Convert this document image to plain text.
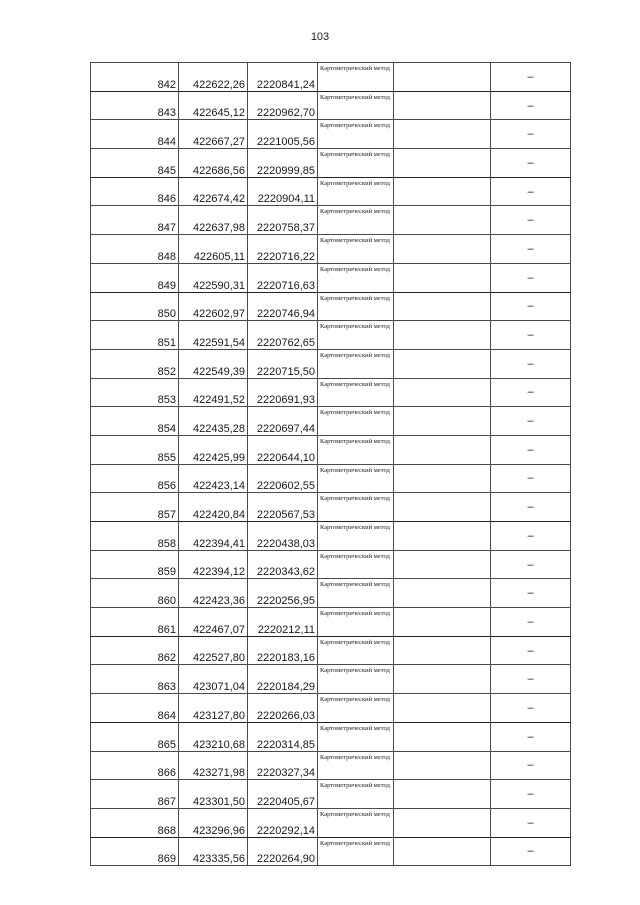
103
842	422622,26	2220841,24	Картометрический метод		–
843	422645,12	2220962,70	Картометрический метод		–
844	422667,27	2221005,56	Картометрический метод		–
845	422686,56	2220999,85	Картометрический метод		–
846	422674,42	2220904,11	Картометрический метод		–
847	422637,98	2220758,37	Картометрический метод		–
848	422605,11	2220716,22	Картометрический метод		–
849	422590,31	2220716,63	Картометрический метод		–
850	422602,97	2220746,94	Картометрический метод		–
851	422591,54	2220762,65	Картометрический метод		–
852	422549,39	2220715,50	Картометрический метод		–
853	422491,52	2220691,93	Картометрический метод		–
854	422435,28	2220697,44	Картометрический метод		–
855	422425,99	2220644,10	Картометрический метод		–
856	422423,14	2220602,55	Картометрический метод		–
857	422420,84	2220567,53	Картометрический метод		–
858	422394,41	2220438,03	Картометрический метод		–
859	422394,12	2220343,62	Картометрический метод		–
860	422423,36	2220256,95	Картометрический метод		–
861	422467,07	2220212,11	Картометрический метод		–
862	422527,80	2220183,16	Картометрический метод		–
863	423071,04	2220184,29	Картометрический метод		–
864	423127,80	2220266,03	Картометрический метод		–
865	423210,68	2220314,85	Картометрический метод		–
866	423271,98	2220327,34	Картометрический метод		–
867	423301,50	2220405,67	Картометрический метод		–
868	423296,96	2220292,14	Картометрический метод		–
869	423335,56	2220264,90	Картометрический метод		–
